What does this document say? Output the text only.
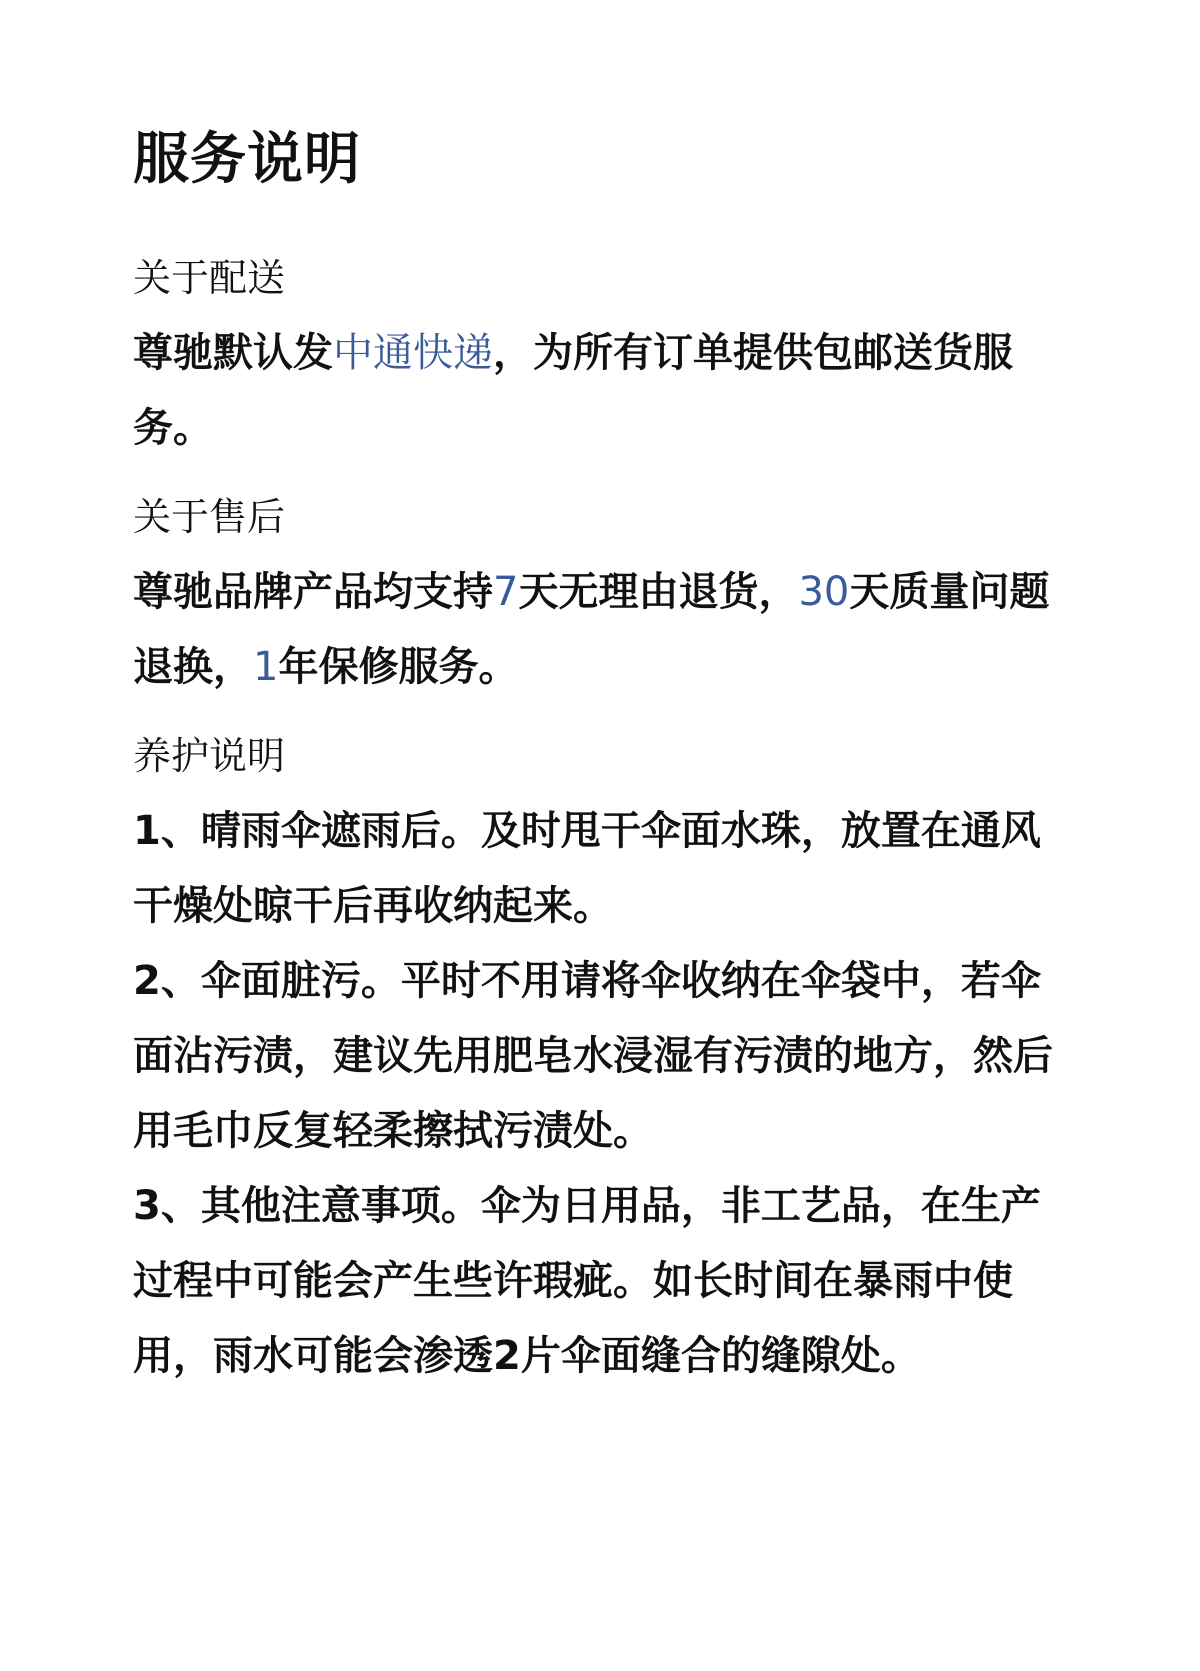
服务说明
关于配送

尊驰默认发中通快递，为所有订单提供包邮送货服务。

关于售后

尊驰品牌产品均支持7天无理由退货，30天质量问题退换，1年保修服务。

养护说明

1、晴雨伞遮雨后。及时甩干伞面水珠，放置在通风干燥处晾干后再收纳起来。

2、伞面脏污。平时不用请将伞收纳在伞袋中，若伞面沾污渍，建议先用肥皂水浸湿有污渍的地方，然后用毛巾反复轻柔擦拭污渍处。

3、其他注意事项。伞为日用品，非工艺品，在生产过程中可能会产生些许瑕疵。如长时间在暴雨中使用，雨水可能会渗透2片伞面缝合的缝隙处。
